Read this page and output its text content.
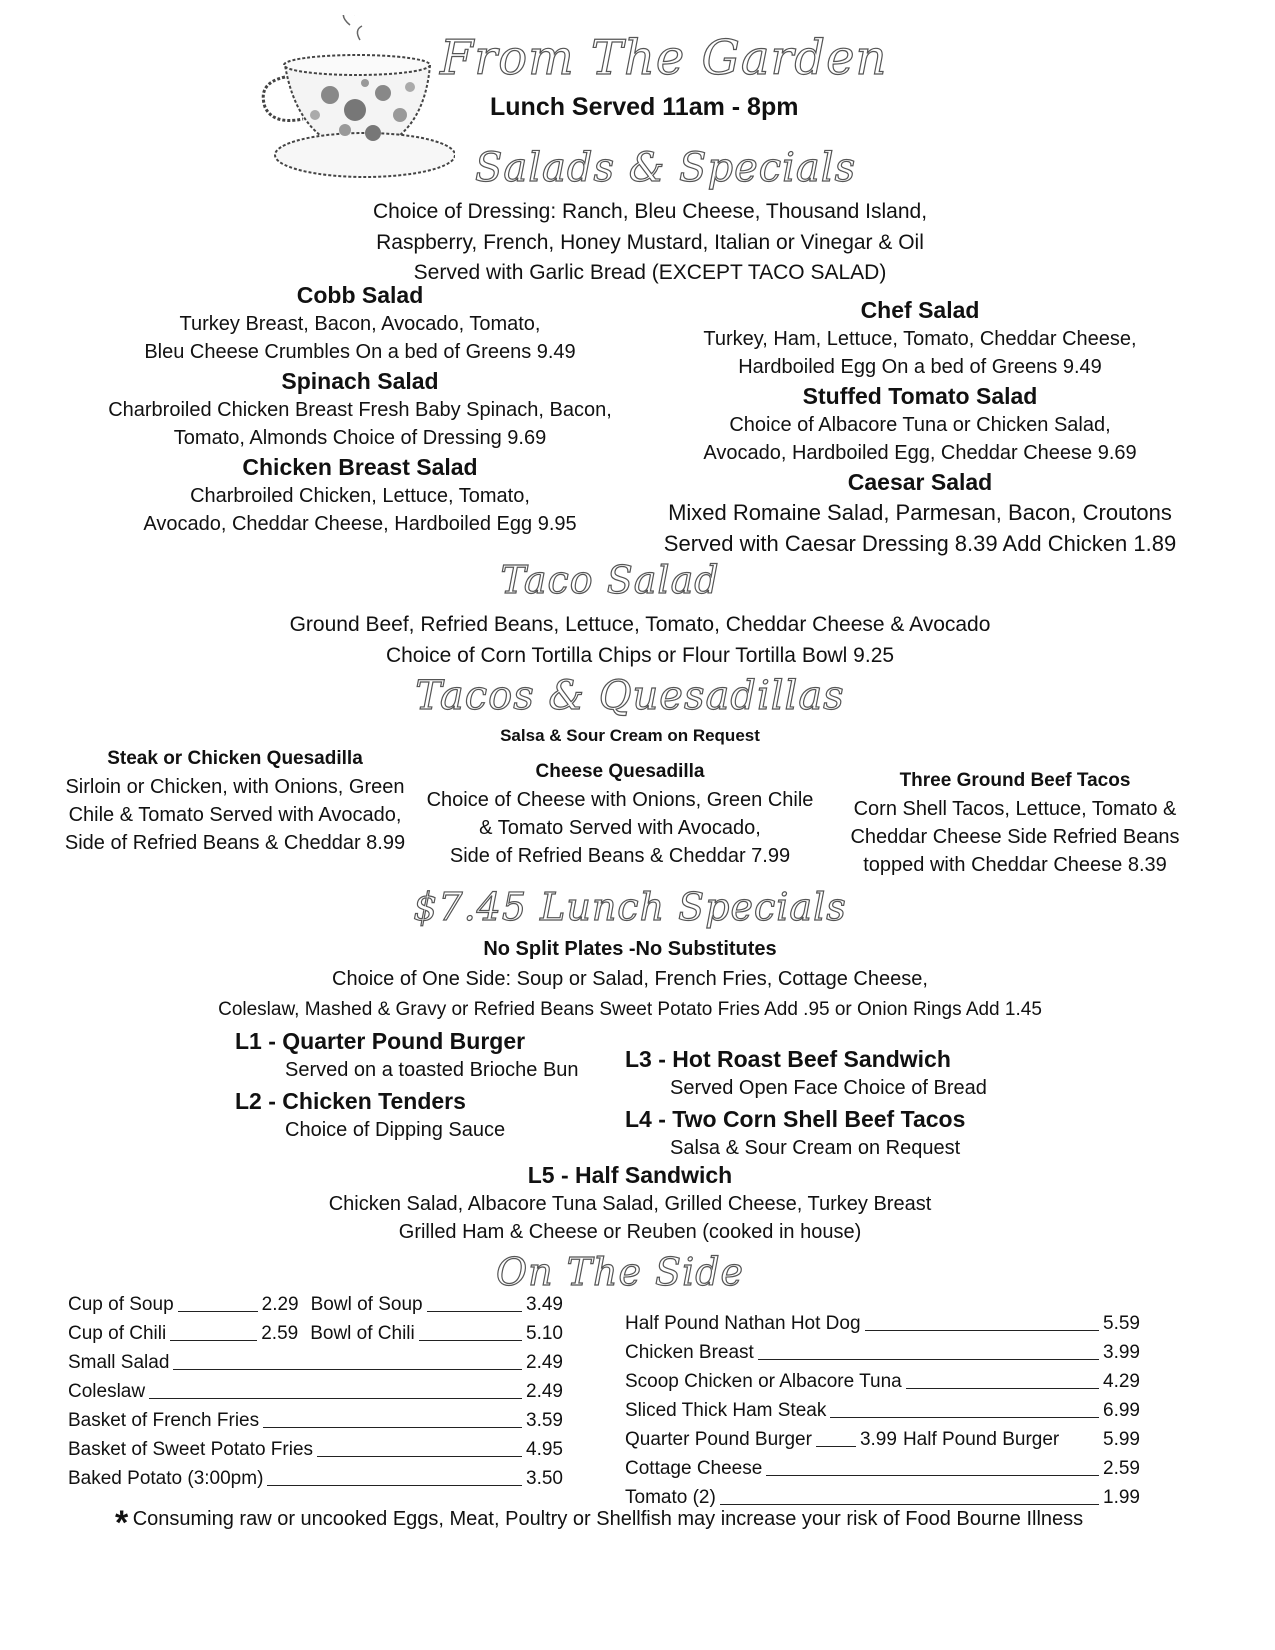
From The Garden
Lunch Served 11am - 8pm
Salads & Specials
Choice of Dressing: Ranch, Bleu Cheese, Thousand Island,
Raspberry, French, Honey Mustard, Italian or Vinegar & Oil
Served with Garlic Bread (EXCEPT TACO SALAD)
Cobb Salad
Turkey Breast, Bacon, Avocado, Tomato,
Bleu Cheese Crumbles On a bed of Greens 9.49
Spinach Salad
Charbroiled Chicken Breast Fresh Baby Spinach, Bacon,
Tomato, Almonds Choice of Dressing 9.69
Chicken Breast Salad
Charbroiled Chicken, Lettuce, Tomato,
Avocado, Cheddar Cheese, Hardboiled Egg 9.95
Chef Salad
Turkey, Ham, Lettuce, Tomato, Cheddar Cheese,
Hardboiled Egg On a bed of Greens 9.49
Stuffed Tomato Salad
Choice of Albacore Tuna or Chicken Salad,
Avocado, Hardboiled Egg, Cheddar Cheese 9.69
Caesar Salad
Mixed Romaine Salad, Parmesan, Bacon, Croutons
Served with Caesar Dressing 8.39 Add Chicken 1.89
Taco Salad
Ground Beef, Refried Beans, Lettuce, Tomato, Cheddar Cheese & Avocado
Choice of Corn Tortilla Chips or Flour Tortilla Bowl 9.25
Tacos & Quesadillas
Salsa & Sour Cream on Request
Steak or Chicken Quesadilla
Sirloin or Chicken, with Onions, Green
Chile & Tomato Served with Avocado,
Side of Refried Beans & Cheddar 8.99
Cheese Quesadilla
Choice of Cheese with Onions, Green Chile
& Tomato Served with Avocado,
Side of Refried Beans & Cheddar 7.99
Three Ground Beef Tacos
Corn Shell Tacos, Lettuce, Tomato &
Cheddar Cheese Side Refried Beans
topped with Cheddar Cheese 8.39
$7.45 Lunch Specials
No Split Plates -No Substitutes
Choice of One Side: Soup or Salad, French Fries, Cottage Cheese,
Coleslaw, Mashed & Gravy or Refried Beans Sweet Potato Fries Add .95 or Onion Rings Add 1.45
L1 - Quarter Pound Burger
Served on a toasted Brioche Bun
L2 - Chicken Tenders
Choice of Dipping Sauce
L3 - Hot Roast Beef Sandwich
Served Open Face Choice of Bread
L4 - Two Corn Shell Beef Tacos
Salsa & Sour Cream on Request
L5 - Half Sandwich
Chicken Salad, Albacore Tuna Salad, Grilled Cheese, Turkey Breast
Grilled Ham & Cheese or Reuben (cooked in house)
On The Side
Cup of Soup	2.29 Bowl of Soup	3.49
Cup of Chili	2.59 Bowl of Chili	5.10
Small Salad	2.49
Coleslaw	2.49
Basket of French Fries	3.59
Basket of Sweet Potato Fries	4.95
Baked Potato (3:00pm)	3.50
Half Pound Nathan Hot Dog	5.59
Chicken Breast	3.99
Scoop Chicken or Albacore Tuna	4.29
Sliced Thick Ham Steak	6.99
Quarter Pound Burger	3.99 Half Pound Burger 5.99
Cottage Cheese	2.59
Tomato (2)	1.99
* Consuming raw or uncooked Eggs, Meat, Poultry or Shellfish may increase your risk of Food Bourne Illness
